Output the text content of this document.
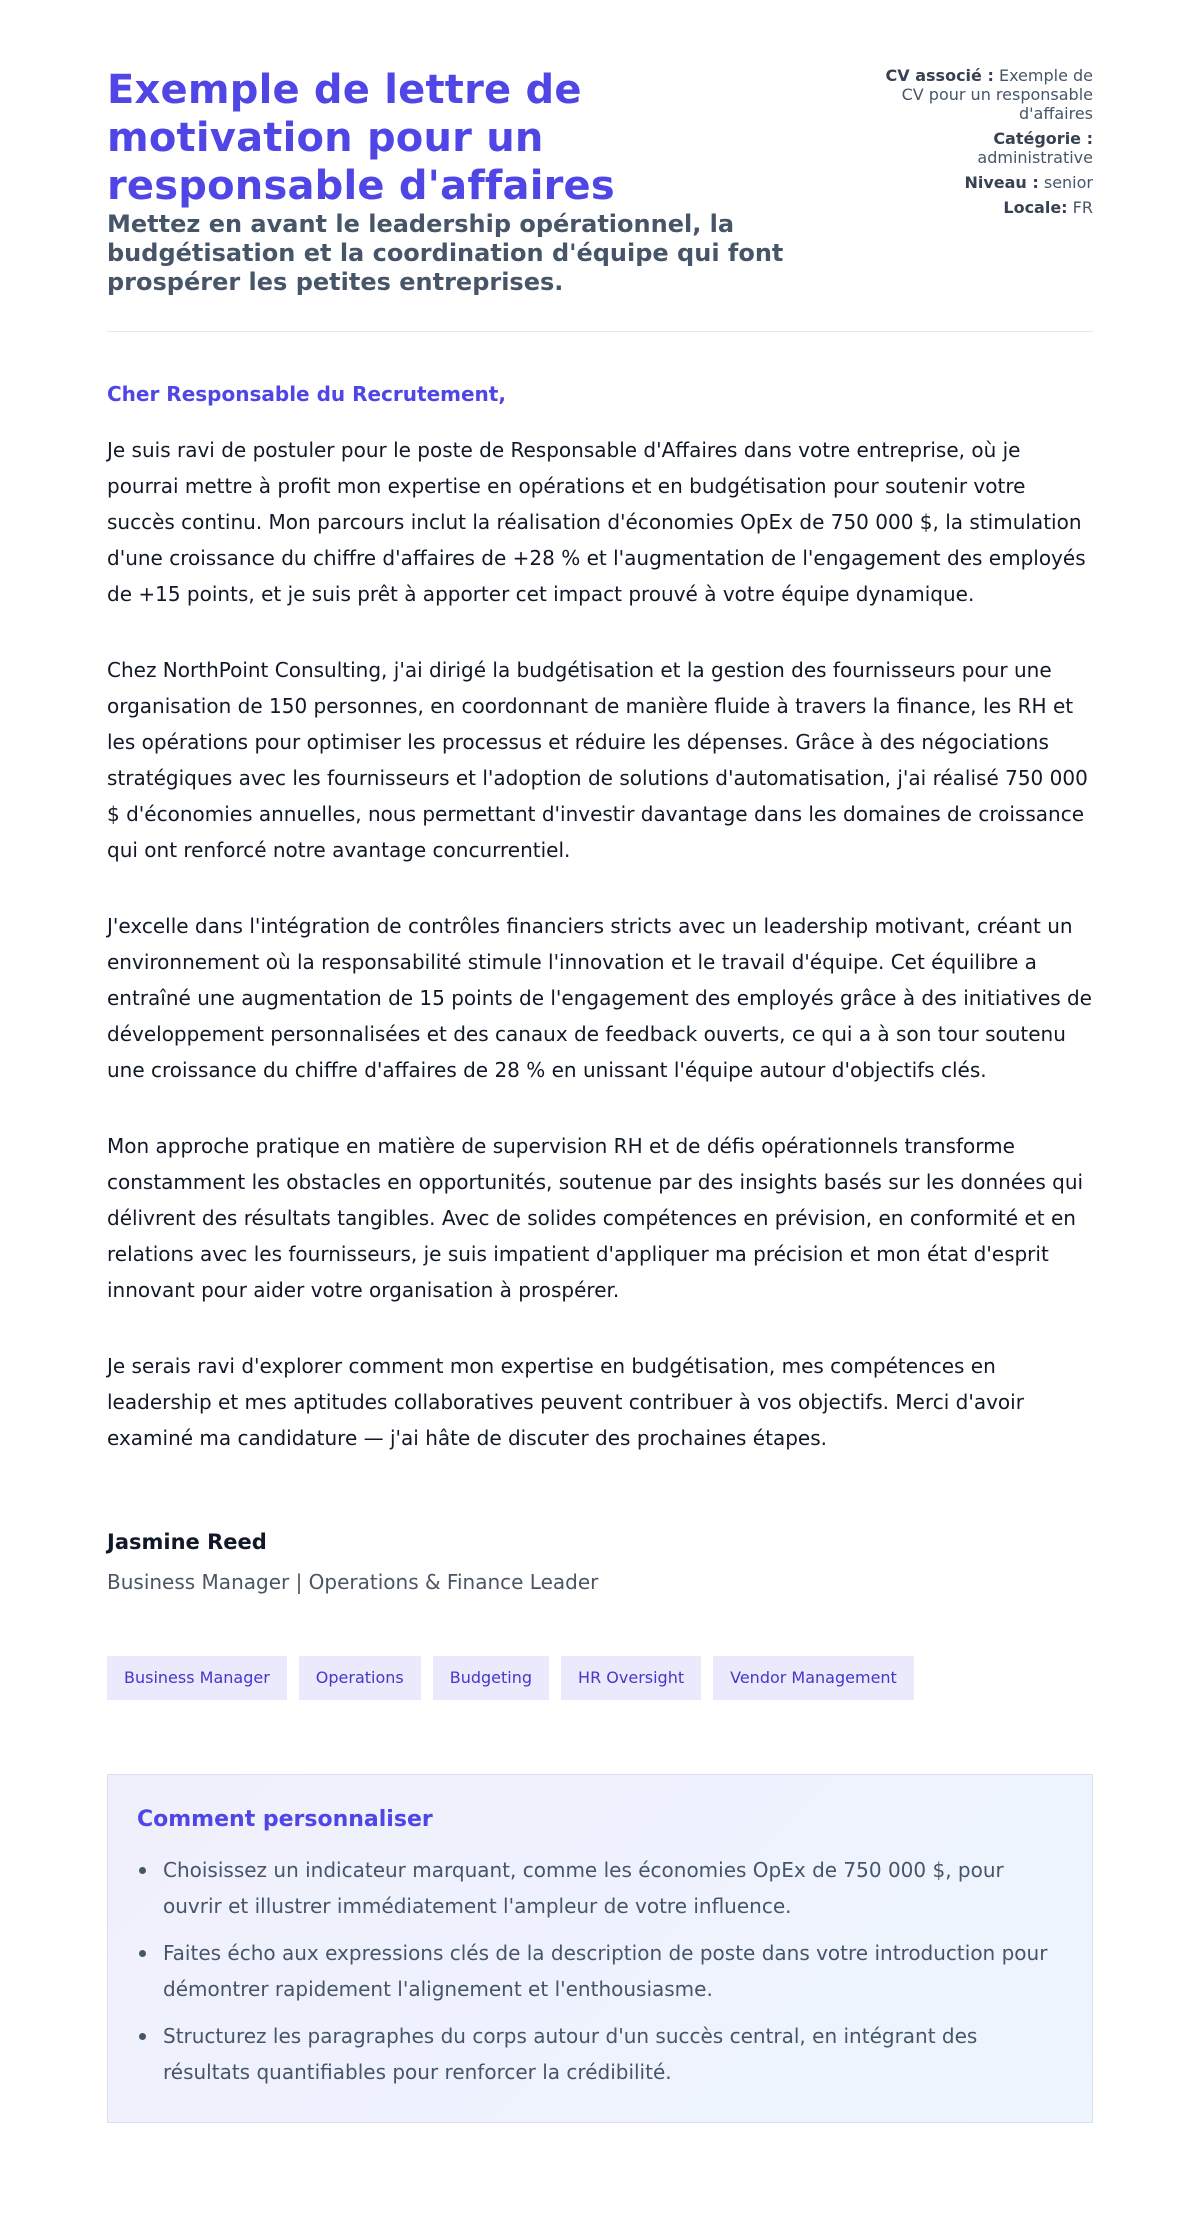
Exemple de lettre de motivation pour un responsable d'affaires
Mettez en avant le leadership opérationnel, la budgétisation et la coordination d'équipe qui font prospérer les petites entreprises.
CV associé : Exemple de CV pour un responsable d'affaires
Catégorie : administrative
Niveau : senior
Locale: FR

Cher Responsable du Recrutement,

Je suis ravi de postuler pour le poste de Responsable d'Affaires dans votre entreprise, où je pourrai mettre à profit mon expertise en opérations et en budgétisation pour soutenir votre succès continu. Mon parcours inclut la réalisation d'économies OpEx de 750 000 $, la stimulation d'une croissance du chiffre d'affaires de +28 % et l'augmentation de l'engagement des employés de +15 points, et je suis prêt à apporter cet impact prouvé à votre équipe dynamique.

Chez NorthPoint Consulting, j'ai dirigé la budgétisation et la gestion des fournisseurs pour une organisation de 150 personnes, en coordonnant de manière fluide à travers la finance, les RH et les opérations pour optimiser les processus et réduire les dépenses. Grâce à des négociations stratégiques avec les fournisseurs et l'adoption de solutions d'automatisation, j'ai réalisé 750 000 $ d'économies annuelles, nous permettant d'investir davantage dans les domaines de croissance qui ont renforcé notre avantage concurrentiel.

J'excelle dans l'intégration de contrôles financiers stricts avec un leadership motivant, créant un environnement où la responsabilité stimule l'innovation et le travail d'équipe. Cet équilibre a entraîné une augmentation de 15 points de l'engagement des employés grâce à des initiatives de développement personnalisées et des canaux de feedback ouverts, ce qui a à son tour soutenu une croissance du chiffre d'affaires de 28 % en unissant l'équipe autour d'objectifs clés.

Mon approche pratique en matière de supervision RH et de défis opérationnels transforme constamment les obstacles en opportunités, soutenue par des insights basés sur les données qui délivrent des résultats tangibles. Avec de solides compétences en prévision, en conformité et en relations avec les fournisseurs, je suis impatient d'appliquer ma précision et mon état d'esprit innovant pour aider votre organisation à prospérer.

Je serais ravi d'explorer comment mon expertise en budgétisation, mes compétences en leadership et mes aptitudes collaboratives peuvent contribuer à vos objectifs. Merci d'avoir examiné ma candidature — j'ai hâte de discuter des prochaines étapes.

Jasmine Reed
Business Manager | Operations & Finance Leader
Business Manager	Operations	Budgeting	HR Oversight	Vendor Management
Comment personnaliser
Choisissez un indicateur marquant, comme les économies OpEx de 750 000 $, pour ouvrir et illustrer immédiatement l'ampleur de votre influence.
Faites écho aux expressions clés de la description de poste dans votre introduction pour démontrer rapidement l'alignement et l'enthousiasme.
Structurez les paragraphes du corps autour d'un succès central, en intégrant des résultats quantifiables pour renforcer la crédibilité.
